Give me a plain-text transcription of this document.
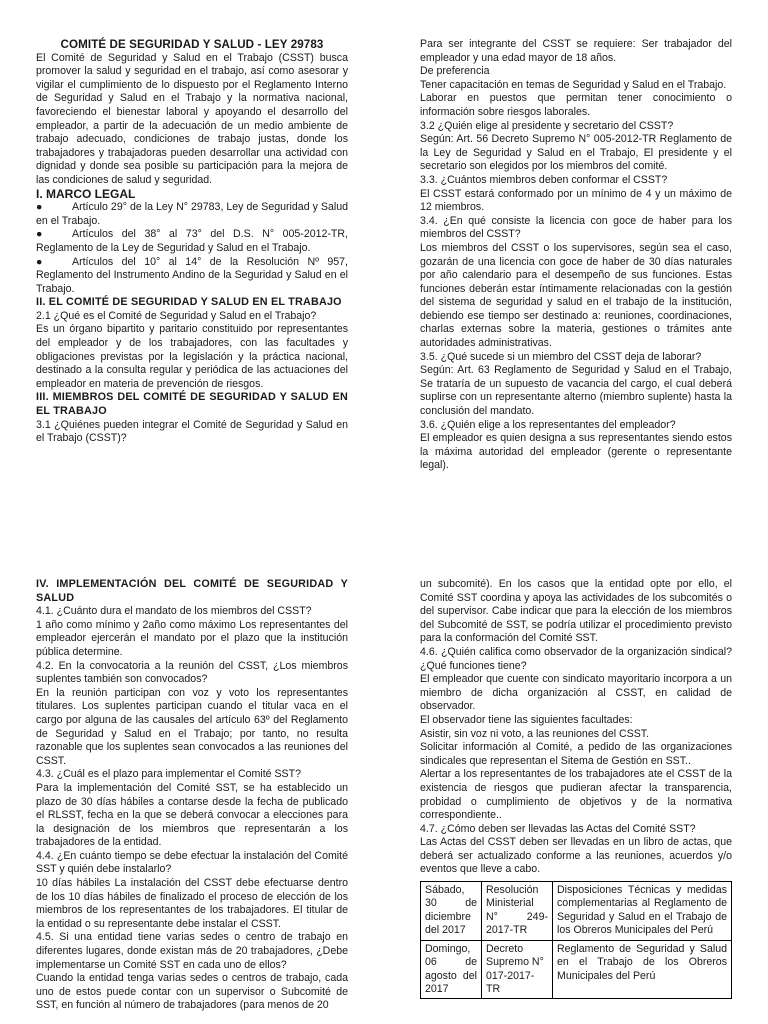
COMITÉ DE SEGURIDAD Y SALUD - LEY 29783

El Comité de Seguridad y Salud en el Trabajo (CSST) busca promover la salud y seguridad en el trabajo, así como asesorar y vigilar el cumplimiento de lo dispuesto por el Reglamento Interno de Seguridad y Salud en el Trabajo y la normativa nacional, favoreciendo el bienestar laboral y apoyando el desarrollo del empleador, a partir de la adecuación de un medio ambiente de trabajo adecuado, condiciones de trabajo justas, donde los trabajadores y trabajadoras pueden desarrollar una actividad con dignidad y donde sea posible su participación para la mejora de las condiciones de salud y seguridad.

I. MARCO LEGAL

●	Artículo 29° de la Ley N° 29783, Ley de Seguridad y Salud en el Trabajo.
●	Artículos del 38° al 73° del D.S. N° 005-2012-TR, Reglamento de la Ley de Seguridad y Salud en el Trabajo.
●	Artículos del 10° al 14° de la Resolución Nº 957, Reglamento del Instrumento Andino de la Seguridad y Salud en el Trabajo.

II. EL COMITÉ DE SEGURIDAD Y SALUD EN EL TRABAJO

2.1 ¿Qué es el Comité de Seguridad y Salud en el Trabajo?

Es un órgano bipartito y paritario constituido por representantes del empleador y de los trabajadores, con las facultades y obligaciones previstas por la legislación y la práctica nacional, destinado a la consulta regular y periódica de las actuaciones del empleador en materia de prevención de riesgos.

III. MIEMBROS DEL COMITÉ DE SEGURIDAD Y SALUD EN EL TRABAJO

3.1 ¿Quiénes pueden integrar el Comité de Seguridad y Salud en el Trabajo (CSST)?

Para ser integrante del CSST se requiere: Ser trabajador del empleador y una edad mayor de 18 años.

De preferencia

Tener capacitación en temas de Seguridad y Salud en el Trabajo.

Laborar en puestos que permitan tener conocimiento o información sobre riesgos laborales.

3.2 ¿Quién elige al presidente y secretario del CSST?

Según: Art. 56 Decreto Supremo N° 005-2012-TR Reglamento de la Ley de Seguridad y Salud en el Trabajo, El presidente y el secretario son elegidos por los miembros del comité.

3.3. ¿Cuántos miembros deben conformar el CSST?

El CSST estará conformado por un mínimo de 4 y un máximo de 12 miembros.

3.4. ¿En qué consiste la licencia con goce de haber para los miembros del CSST?

Los miembros del CSST o los supervisores, según sea el caso, gozarán de una licencia con goce de haber de 30 días naturales por año calendario para el desempeño de sus funciones. Estas funciones deberán estar íntimamente relacionadas con la gestión del sistema de seguridad y salud en el trabajo de la institución, debiendo ese tiempo ser destinado a: reuniones, coordinaciones, charlas externas sobre la materia, gestiones o trámites ante autoridades administrativas.

3.5. ¿Qué sucede si un miembro del CSST deja de laborar?

Según: Art. 63 Reglamento de Seguridad y Salud en el Trabajo, Se trataría de un supuesto de vacancia del cargo, el cual deberá suplirse con un representante alterno (miembro suplente) hasta la conclusión del mandato.

3.6. ¿Quién elige a los representantes del empleador?

El empleador es quien designa a sus representantes siendo estos la máxima autoridad del empleador (gerente o representante legal).

IV. IMPLEMENTACIÓN DEL COMITÉ DE SEGURIDAD Y SALUD

4.1. ¿Cuánto dura el mandato de los miembros del CSST?

1 año como mínimo y 2año como máximo Los representantes del empleador ejercerán el mandato por el plazo que la institución pública determine.

4.2. En la convocatoria a la reunión del CSST, ¿Los miembros suplentes también son convocados?

En la reunión participan con voz y voto los representantes titulares. Los suplentes participan cuando el titular vaca en el cargo por alguna de las causales del artículo 63º del Reglamento de Seguridad y Salud en el Trabajo; por tanto, no resulta razonable que los suplentes sean convocados a las reuniones del CSST.

4.3. ¿Cuál es el plazo para implementar el Comité SST?

Para la implementación del Comité SST, se ha establecido un plazo de 30 días hábiles a contarse desde la fecha de publicado el RLSST, fecha en la que se deberá convocar a elecciones para la designación de los miembros que representarán a los trabajadores de la entidad.

4.4. ¿En cuánto tiempo se debe efectuar la instalación del Comité SST y quién debe instalarlo?

10 días hábiles La instalación del CSST debe efectuarse dentro de los 10 días hábiles de finalizado el proceso de elección de los miembros de los representantes de los trabajadores. El titular de la entidad o su representante debe instalar el CSST.

4.5. Si una entidad tiene varias sedes o centro de trabajo en diferentes lugares, donde existan más de 20 trabajadores, ¿Debe implementarse un Comité SST en cada uno de ellos?

Cuando la entidad tenga varias sedes o centros de trabajo, cada uno de estos puede contar con un supervisor o Subcomité de SST, en función al número de trabajadores (para menos de 20

un subcomité). En los casos que la entidad opte por ello, el Comité SST coordina y apoya las actividades de los subcomités o del supervisor. Cabe indicar que para la elección de los miembros del Subcomité de SST, se podría utilizar el procedimiento previsto para la conformación del Comité SST.

4.6. ¿Quién califica como observador de la organización sindical? ¿Qué funciones tiene?

El empleador que cuente con sindicato mayoritario incorpora a un miembro de dicha organización al CSST, en calidad de observador.

El observador tiene las siguientes facultades:

Asistir, sin voz ni voto, a las reuniones del CSST.

Solicitar información al Comité, a pedido de las organizaciones sindicales que representan el Sitema de Gestión en SST..

Alertar a los representantes de los trabajadores ate el CSST de la existencia de riesgos que pudieran afectar la transparencia, probidad o cumplimiento de objetivos y de la normativa correspondiente..

4.7. ¿Cómo deben ser llevadas las Actas del Comité SST?

Las Actas del CSST deben ser llevadas en un libro de actas, que deberá ser actualizado conforme a las reuniones, acuerdos y/o eventos que lleve a cabo.

Sábado, 30 de diciembre del 2017	Resolución Ministerial N° 249-2017-TR	Disposiciones Técnicas y medidas complementarias al Reglamento de Seguridad y Salud en el Trabajo de los Obreros Municipales del Perú
Domingo, 06 de agosto del 2017	Decreto Supremo N° 017-2017-TR	Reglamento de Seguridad y Salud en el Trabajo de los Obreros Municipales del Perú
